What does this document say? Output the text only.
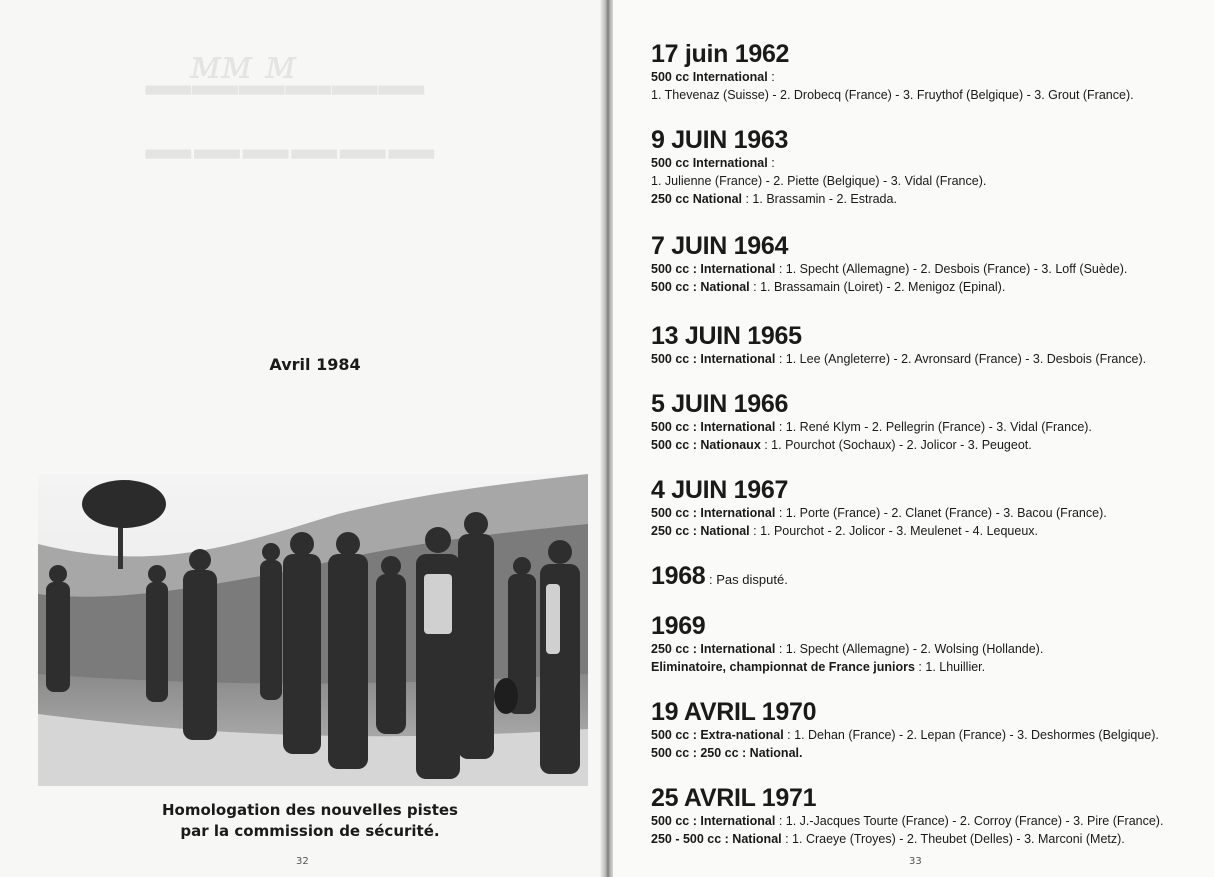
ᴍᴍ ᴍ
▔▔▔▔▔▔
▔▔▔▔▔▔
Avril 1984
Homologation des nouvelles pistes
par la commission de sécurité.
32
17 juin 1962
500 cc International :
1. Thevenaz (Suisse) - 2. Drobecq (France) - 3. Fruythof (Belgique) - 3. Grout (France).
9 JUIN 1963
500 cc International :
1. Julienne (France) - 2. Piette (Belgique) - 3. Vidal (France).
250 cc National : 1. Brassamin - 2. Estrada.
7 JUIN 1964
500 cc : International : 1. Specht (Allemagne) - 2. Desbois (France) - 3. Loff (Suède).
500 cc : National : 1. Brassamain (Loiret) - 2. Menigoz (Epinal).
13 JUIN 1965
500 cc : International : 1. Lee (Angleterre) - 2. Avronsard (France) - 3. Desbois (France).
5 JUIN 1966
500 cc : International : 1. René Klym - 2. Pellegrin (France) - 3. Vidal (France).
500 cc : Nationaux : 1. Pourchot (Sochaux) - 2. Jolicor - 3. Peugeot.
4 JUIN 1967
500 cc : International : 1. Porte (France) - 2. Clanet (France) - 3. Bacou (France).
250 cc : National : 1. Pourchot - 2. Jolicor - 3. Meulenet - 4. Lequeux.
1968 : Pas disputé.
1969
250 cc : International : 1. Specht (Allemagne) - 2. Wolsing (Hollande).
Eliminatoire, championnat de France juniors : 1. Lhuillier.
19 AVRIL 1970
500 cc : Extra-national : 1. Dehan (France) - 2. Lepan (France) - 3. Deshormes (Belgique).
500 cc : 250 cc : National.
25 AVRIL 1971
500 cc : International : 1. J.-Jacques Tourte (France) - 2. Corroy (France) - 3. Pire (France).
250 - 500 cc : National : 1. Craeye (Troyes) - 2. Theubet (Delles) - 3. Marconi (Metz).
33
